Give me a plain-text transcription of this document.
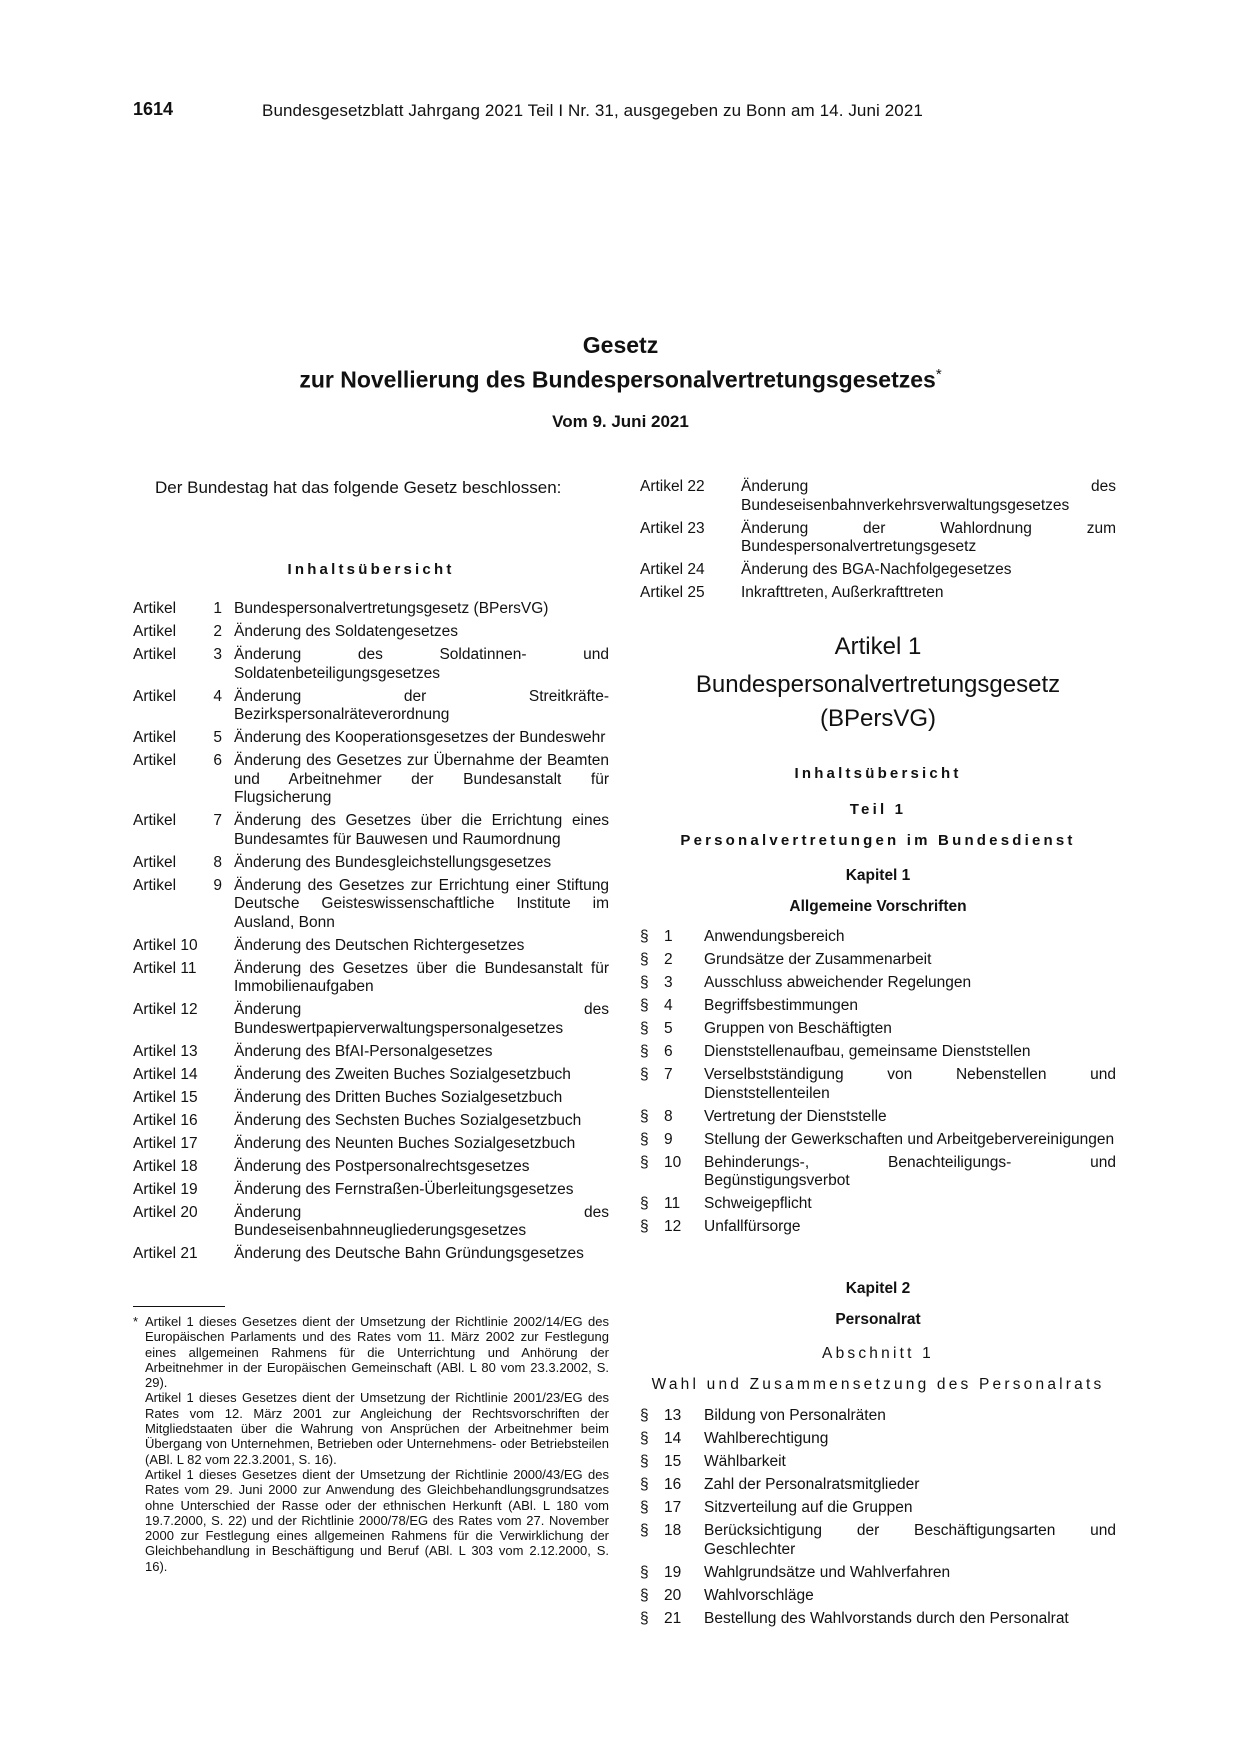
1614	Bundesgesetzblatt Jahrgang 2021 Teil I Nr. 31, ausgegeben zu Bonn am 14. Juni 2021
Gesetz
zur Novellierung des Bundespersonalvertretungsgesetzes*
Vom 9. Juni 2021
Der Bundestag hat das folgende Gesetz beschlossen:
Inhaltsübersicht
Artikel	1 Bundespersonalvertretungsgesetz (BPersVG)
Artikel	2 Änderung des Soldatengesetzes
Artikel	3 Änderung des Soldatinnen- und Soldatenbeteiligungsgesetzes
Artikel	4 Änderung der Streitkräfte-Bezirkspersonalräteverordnung
Artikel	5 Änderung des Kooperationsgesetzes der Bundeswehr
Artikel	6 Änderung des Gesetzes zur Übernahme der Beamten und Arbeitnehmer der Bundesanstalt für Flugsicherung
Artikel	7 Änderung des Gesetzes über die Errichtung eines Bundesamtes für Bauwesen und Raumordnung
Artikel	8 Änderung des Bundesgleichstellungsgesetzes
Artikel	9 Änderung des Gesetzes zur Errichtung einer Stiftung Deutsche Geisteswissenschaftliche Institute im Ausland, Bonn
Artikel 10	Änderung des Deutschen Richtergesetzes
Artikel 11	Änderung des Gesetzes über die Bundesanstalt für Immobilienaufgaben
Artikel 12	Änderung des Bundeswertpapierverwaltungspersonalgesetzes
Artikel 13	Änderung des BfAI-Personalgesetzes
Artikel 14	Änderung des Zweiten Buches Sozialgesetzbuch
Artikel 15	Änderung des Dritten Buches Sozialgesetzbuch
Artikel 16	Änderung des Sechsten Buches Sozialgesetzbuch
Artikel 17	Änderung des Neunten Buches Sozialgesetzbuch
Artikel 18	Änderung des Postpersonalrechtsgesetzes
Artikel 19	Änderung des Fernstraßen-Überleitungsgesetzes
Artikel 20	Änderung des Bundeseisenbahnneugliederungsgesetzes
Artikel 21	Änderung des Deutsche Bahn Gründungsgesetzes

* Artikel 1 dieses Gesetzes dient der Umsetzung der Richtlinie 2002/14/EG des Europäischen Parlaments und des Rates vom 11. März 2002 zur Festlegung eines allgemeinen Rahmens für die Unterrichtung und Anhörung der Arbeitnehmer in der Europäischen Gemeinschaft (ABl. L 80 vom 23.3.2002, S. 29).

Artikel 1 dieses Gesetzes dient der Umsetzung der Richtlinie 2001/23/EG des Rates vom 12. März 2001 zur Angleichung der Rechtsvorschriften der Mitgliedstaaten über die Wahrung von Ansprüchen der Arbeitnehmer beim Übergang von Unternehmen, Betrieben oder Unternehmens- oder Betriebsteilen (ABl. L 82 vom 22.3.2001, S. 16).

Artikel 1 dieses Gesetzes dient der Umsetzung der Richtlinie 2000/43/EG des Rates vom 29. Juni 2000 zur Anwendung des Gleichbehandlungsgrundsatzes ohne Unterschied der Rasse oder der ethnischen Herkunft (ABl. L 180 vom 19.7.2000, S. 22) und der Richtlinie 2000/78/EG des Rates vom 27. November 2000 zur Festlegung eines allgemeinen Rahmens für die Verwirklichung der Gleichbehandlung in Beschäftigung und Beruf (ABl. L 303 vom 2.12.2000, S. 16).

Artikel 22	Änderung des Bundeseisenbahnverkehrsverwaltungsgesetzes
Artikel 23	Änderung der Wahlordnung zum Bundespersonalvertretungsgesetz
Artikel 24	Änderung des BGA-Nachfolgegesetzes
Artikel 25	Inkrafttreten, Außerkrafttreten
Artikel 1
Bundespersonalvertretungsgesetz
(BPersVG)
Inhaltsübersicht
Teil 1
Personalvertretungen im Bundesdienst
Kapitel 1
Allgemeine Vorschriften
§ 1	Anwendungsbereich
§ 2	Grundsätze der Zusammenarbeit
§ 3	Ausschluss abweichender Regelungen
§ 4	Begriffsbestimmungen
§ 5	Gruppen von Beschäftigten
§ 6	Dienststellenaufbau, gemeinsame Dienststellen
§ 7	Verselbstständigung von Nebenstellen und Dienststellenteilen
§ 8	Vertretung der Dienststelle
§ 9	Stellung der Gewerkschaften und Arbeitgebervereinigungen
§ 10	Behinderungs-, Benachteiligungs- und Begünstigungsverbot
§ 11	Schweigepflicht
§ 12	Unfallfürsorge
Kapitel 2
Personalrat
Abschnitt 1
Wahl und Zusammensetzung des Personalrats
§ 13	Bildung von Personalräten
§ 14	Wahlberechtigung
§ 15	Wählbarkeit
§ 16	Zahl der Personalratsmitglieder
§ 17	Sitzverteilung auf die Gruppen
§ 18	Berücksichtigung der Beschäftigungsarten und Geschlechter
§ 19	Wahlgrundsätze und Wahlverfahren
§ 20	Wahlvorschläge
§ 21	Bestellung des Wahlvorstands durch den Personalrat
